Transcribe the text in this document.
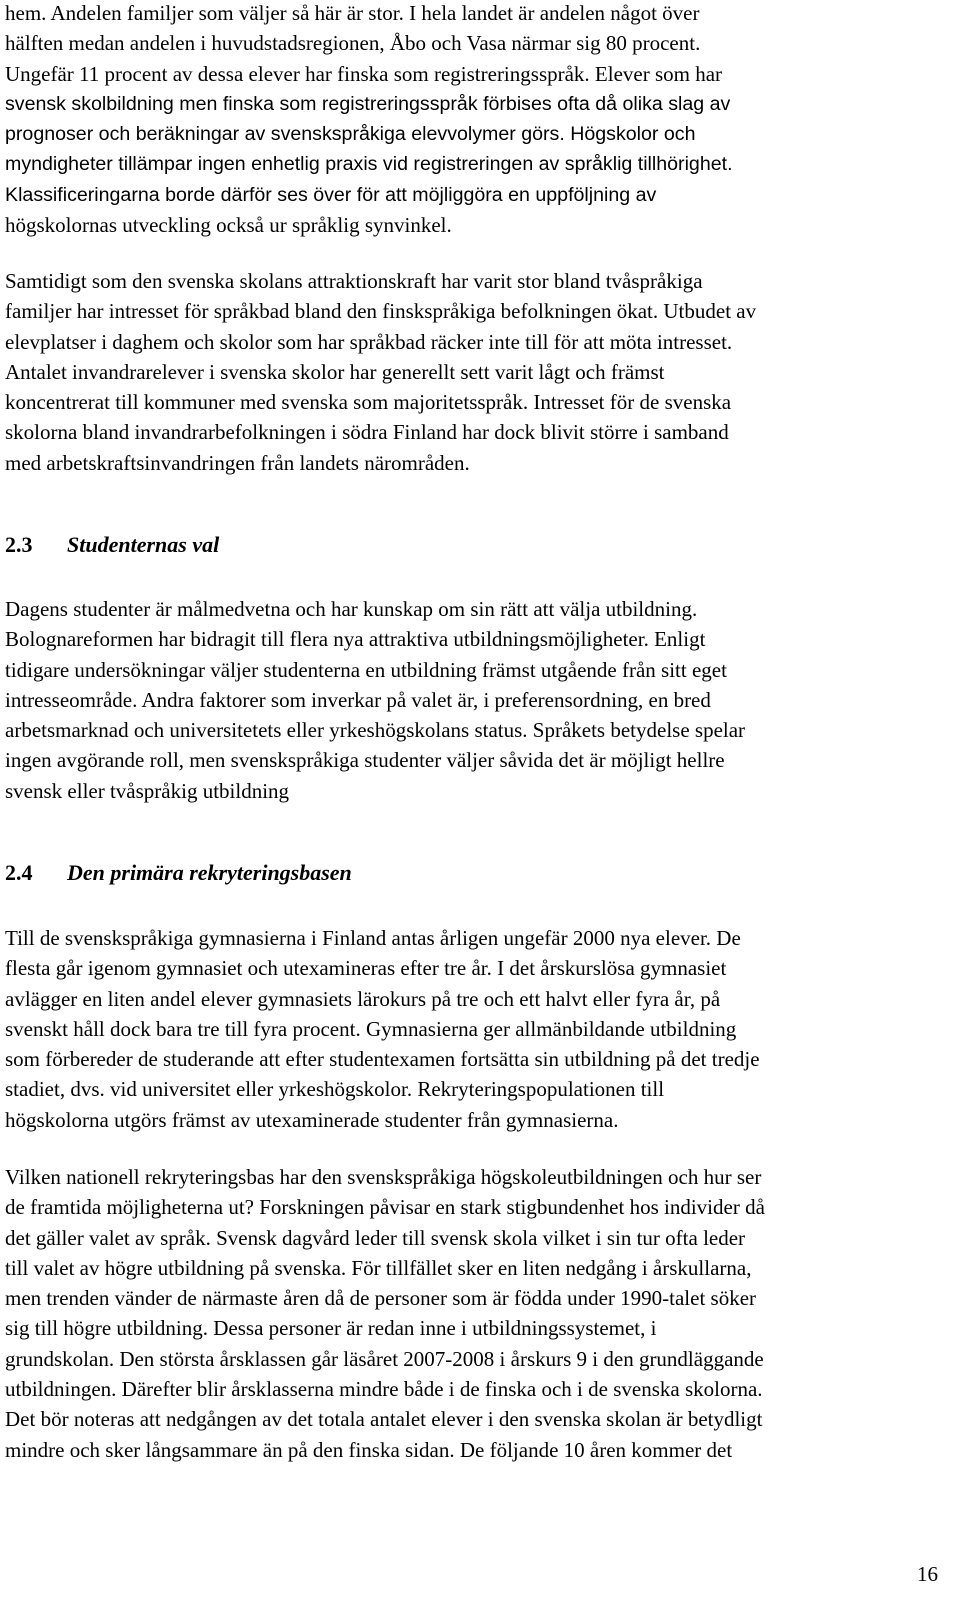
hem. Andelen familjer som väljer så här är stor. I hela landet är andelen något över
hälften medan andelen i huvudstadsregionen, Åbo och Vasa närmar sig 80 procent.
Ungefär 11 procent av dessa elever har finska som registreringsspråk. Elever som har
svensk skolbildning men finska som registreringsspråk förbises ofta då olika slag av
prognoser och beräkningar av svenskspråkiga elevvolymer görs. Högskolor och
myndigheter tillämpar ingen enhetlig praxis vid registreringen av språklig tillhörighet.
Klassificeringarna borde därför ses över för att möjliggöra en uppföljning av
högskolornas utveckling också ur språklig synvinkel.

Samtidigt som den svenska skolans attraktionskraft har varit stor bland tvåspråkiga
familjer har intresset för språkbad bland den finskspråkiga befolkningen ökat. Utbudet av
elevplatser i daghem och skolor som har språkbad räcker inte till för att möta intresset.
Antalet invandrarelever i svenska skolor har generellt sett varit lågt och främst
koncentrerat till kommuner med svenska som majoritetsspråk. Intresset för de svenska
skolorna bland invandrarbefolkningen i södra Finland har dock blivit större i samband
med arbetskraftsinvandringen från landets närområden.

2.3 Studenternas val

Dagens studenter är målmedvetna och har kunskap om sin rätt att välja utbildning.
Bolognareformen har bidragit till flera nya attraktiva utbildningsmöjligheter. Enligt
tidigare undersökningar väljer studenterna en utbildning främst utgående från sitt eget
intresseområde. Andra faktorer som inverkar på valet är, i preferensordning, en bred
arbetsmarknad och universitetets eller yrkeshögskolans status. Språkets betydelse spelar
ingen avgörande roll, men svenskspråkiga studenter väljer såvida det är möjligt hellre
svensk eller tvåspråkig utbildning

2.4 Den primära rekryteringsbasen

Till de svenskspråkiga gymnasierna i Finland antas årligen ungefär 2000 nya elever. De
flesta går igenom gymnasiet och utexamineras efter tre år. I det årskurslösa gymnasiet
avlägger en liten andel elever gymnasiets lärokurs på tre och ett halvt eller fyra år, på
svenskt håll dock bara tre till fyra procent. Gymnasierna ger allmänbildande utbildning
som förbereder de studerande att efter studentexamen fortsätta sin utbildning på det tredje
stadiet, dvs. vid universitet eller yrkeshögskolor. Rekryteringspopulationen till
högskolorna utgörs främst av utexaminerade studenter från gymnasierna.

Vilken nationell rekryteringsbas har den svenskspråkiga högskoleutbildningen och hur ser
de framtida möjligheterna ut? Forskningen påvisar en stark stigbundenhet hos individer då
det gäller valet av språk. Svensk dagvård leder till svensk skola vilket i sin tur ofta leder
till valet av högre utbildning på svenska. För tillfället sker en liten nedgång i årskullarna,
men trenden vänder de närmaste åren då de personer som är födda under 1990-talet söker
sig till högre utbildning. Dessa personer är redan inne i utbildningssystemet, i
grundskolan. Den största årsklassen går läsåret 2007-2008 i årskurs 9 i den grundläggande
utbildningen. Därefter blir årsklasserna mindre både i de finska och i de svenska skolorna.
Det bör noteras att nedgången av det totala antalet elever i den svenska skolan är betydligt
mindre och sker långsammare än på den finska sidan. De följande 10 åren kommer det

16
